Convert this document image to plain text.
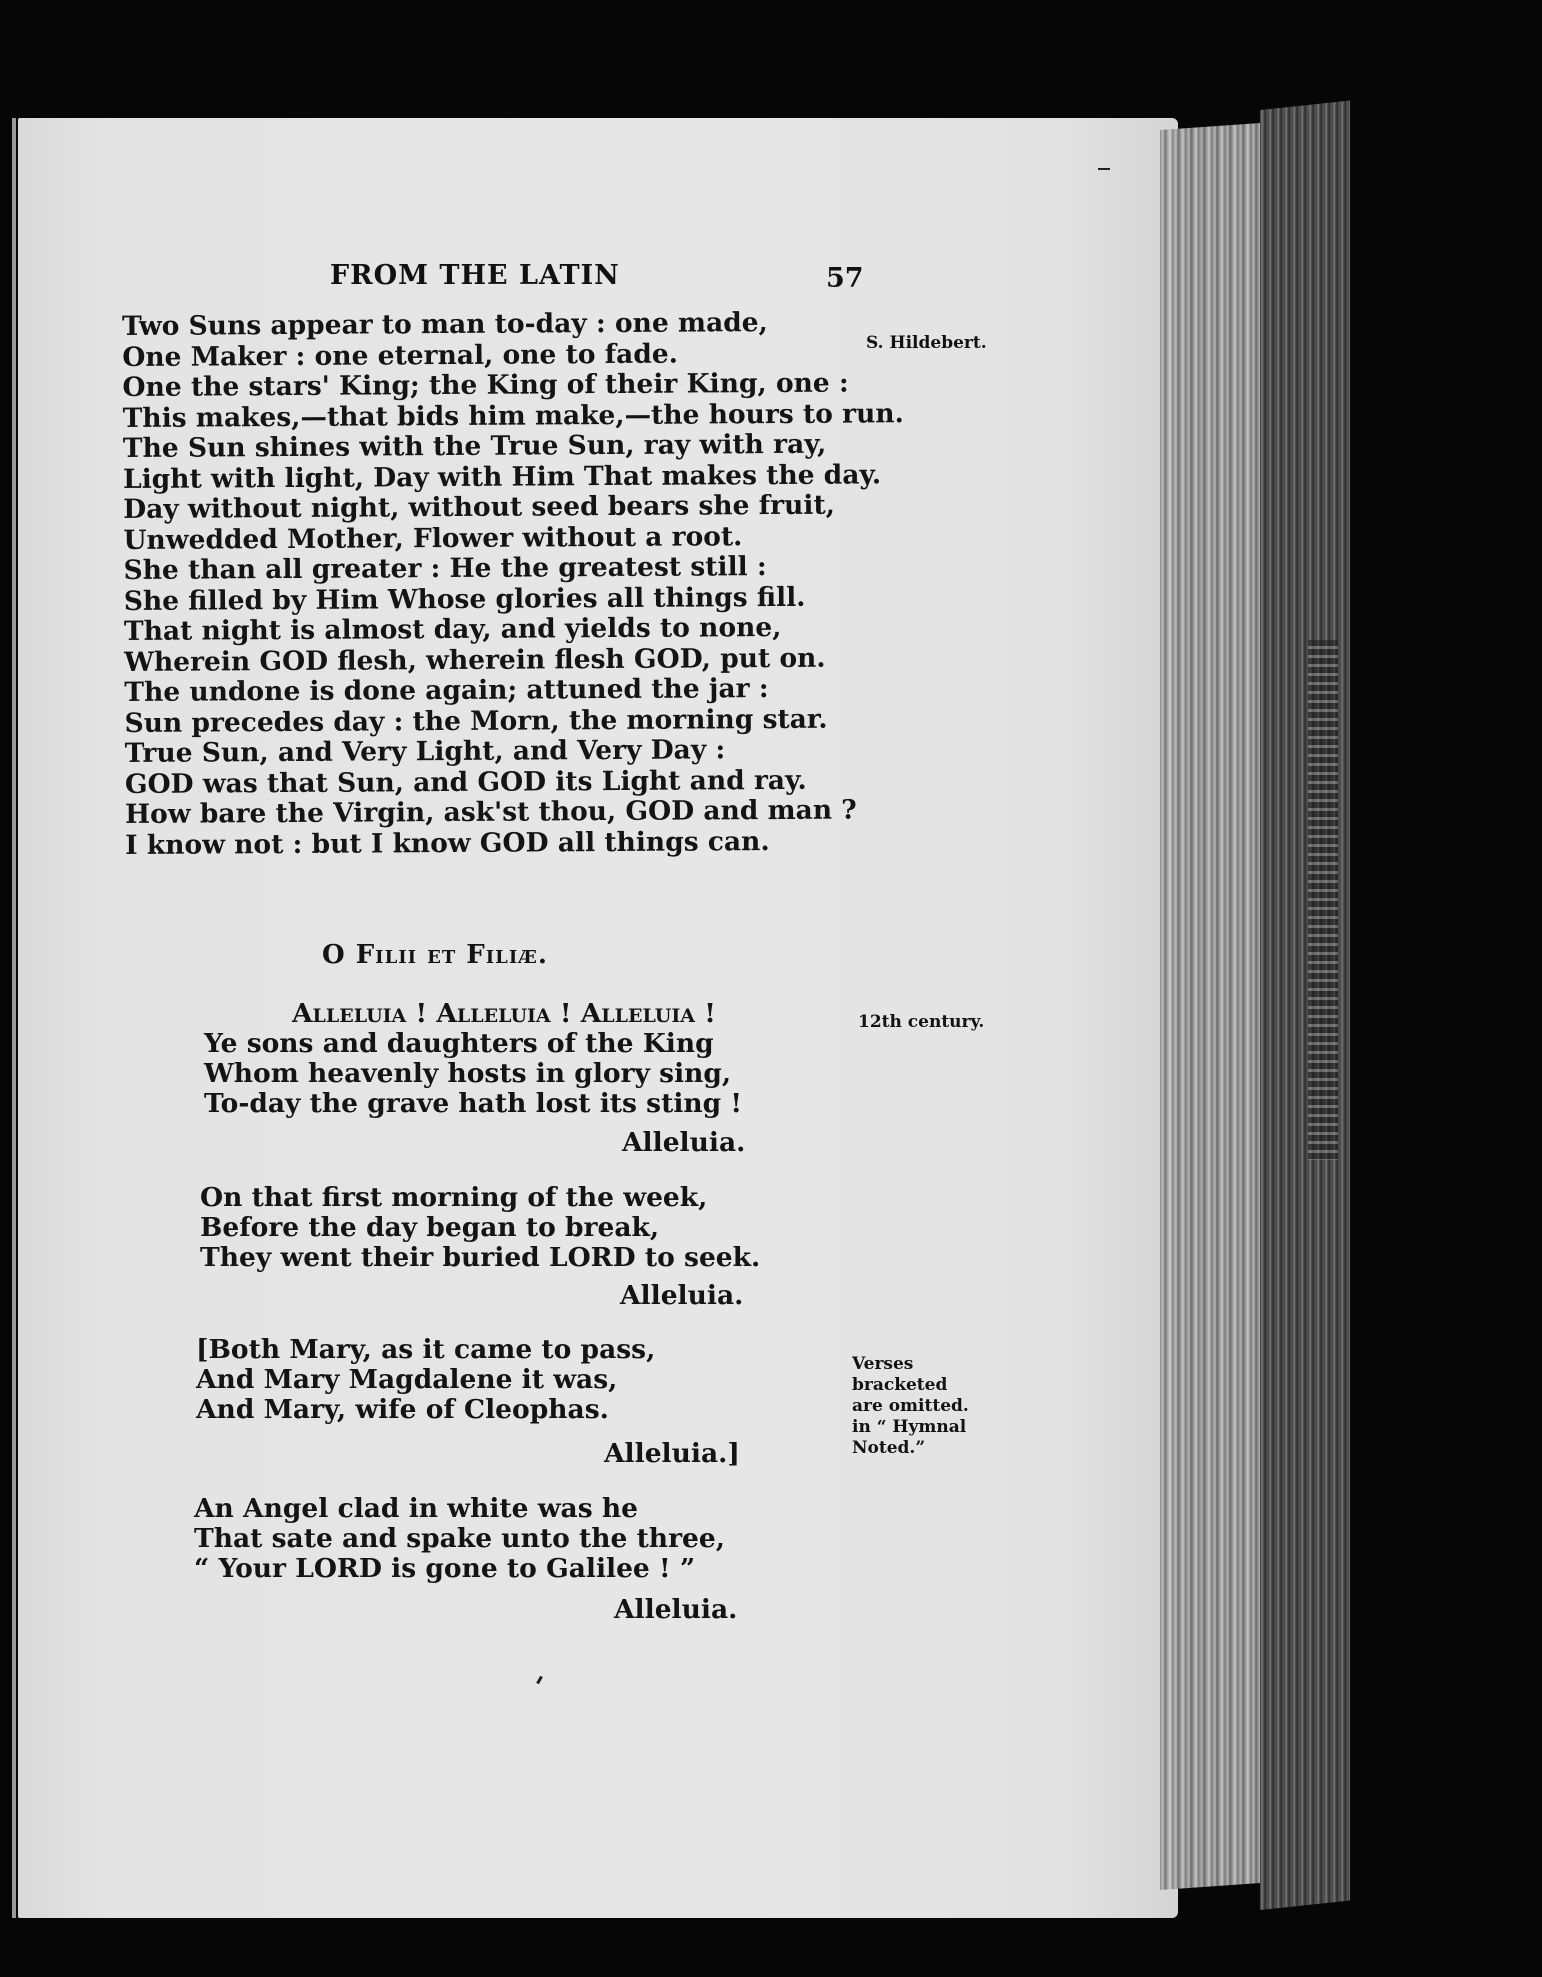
FROM THE LATIN	57
S. Hildebert.
Two Suns appear to man to-day : one made,
One Maker : one eternal, one to fade.
One the stars' King; the King of their King, one :
This makes,—that bids him make,—the hours to run.
The Sun shines with the True Sun, ray with ray,
Light with light, Day with Him That makes the day.
Day without night, without seed bears she fruit,
Unwedded Mother, Flower without a root.
She than all greater : He the greatest still :
She filled by Him Whose glories all things fill.
That night is almost day, and yields to none,
Wherein GOD flesh, wherein flesh GOD, put on.
The undone is done again; attuned the jar :
Sun precedes day : the Morn, the morning star.
True Sun, and Very Light, and Very Day :
GOD was that Sun, and GOD its Light and ray.
How bare the Virgin, ask'st thou, GOD and man ?
I know not : but I know GOD all things can.
O Filii et Filiæ.
Alleluia ! Alleluia ! Alleluia !	12th century.
Ye sons and daughters of the King
Whom heavenly hosts in glory sing,
To-day the grave hath lost its sting !
Alleluia.
On that first morning of the week,
Before the day began to break,
They went their buried LORD to seek.
Alleluia.
[Both Mary, as it came to pass,
And Mary Magdalene it was,
And Mary, wife of Cleophas.
Alleluia.]
Verses
bracketed
are omitted.
in “ Hymnal
Noted.”
An Angel clad in white was he
That sate and spake unto the three,
“ Your LORD is gone to Galilee ! ”
Alleluia.
